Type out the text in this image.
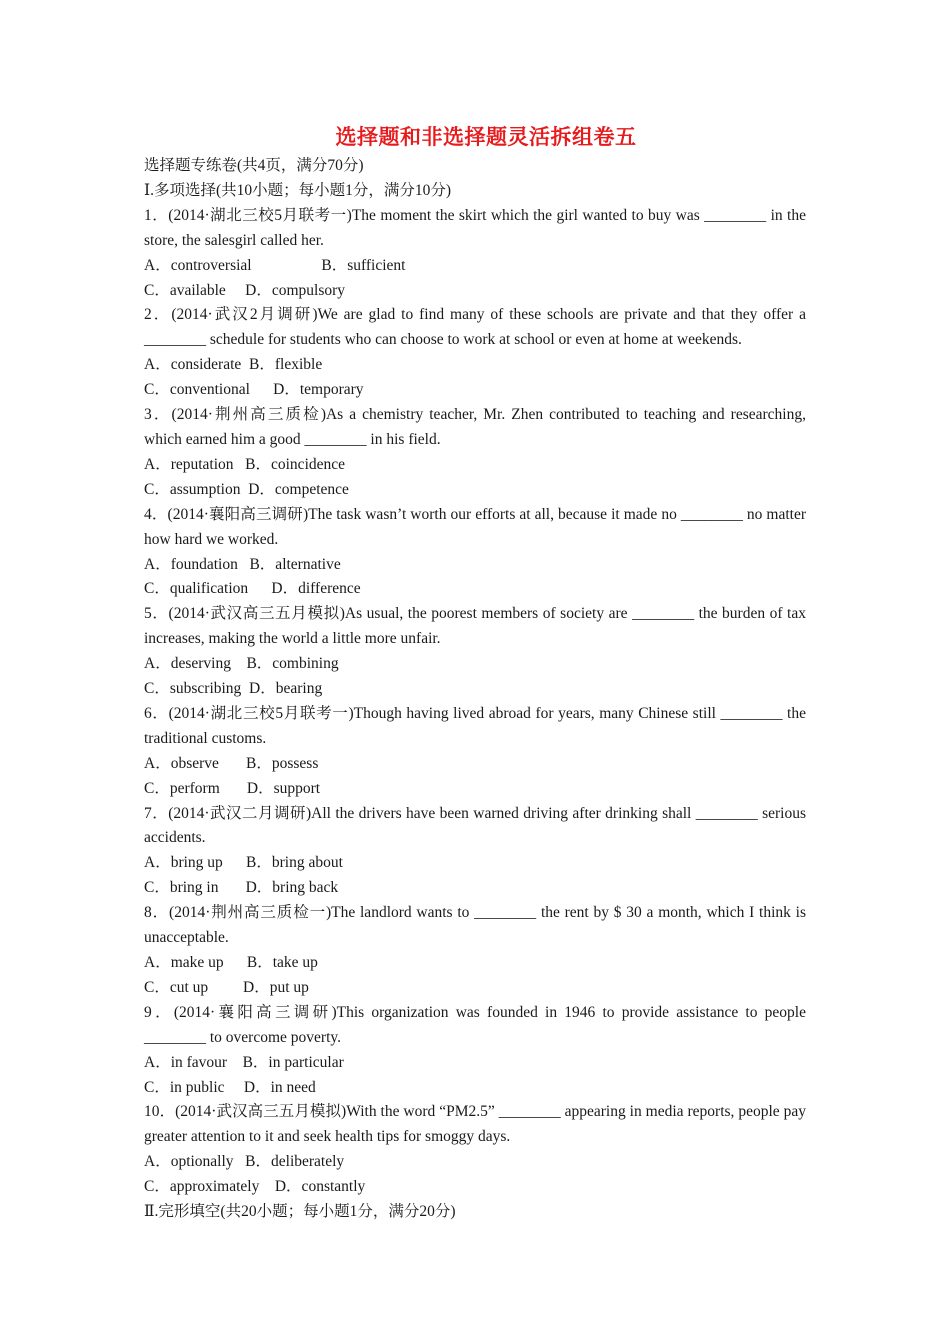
选择题和非选择题灵活拆组卷五
选择题专练卷(共4页，满分70分)
Ⅰ.多项选择(共10小题；每小题1分，满分10分)
1．(2014·湖北三校5月联考一)The moment the skirt which the girl wanted to buy was ________ in the store, the salesgirl called her.
A．controversial                  B．sufficient
C．available     D．compulsory
2．(2014·武汉2月调研)We are glad to find many of these schools are private and that they offer a ________ schedule for students who can choose to work at school or even at home at weekends.
A．considerate  B．flexible
C．conventional      D．temporary
3．(2014·荆州高三质检)As a chemistry teacher, Mr. Zhen contributed to teaching and researching, which earned him a good ________ in his field.
A．reputation   B．coincidence
C．assumption  D．competence
4．(2014·襄阳高三调研)The task wasn’t worth our efforts at all, because it made no ________ no matter how hard we worked.
A．foundation   B．alternative
C．qualification      D．difference
5．(2014·武汉高三五月模拟)As usual, the poorest members of society are ________ the burden of tax increases, making the world a little more unfair.
A．deserving    B．combining
C．subscribing  D．bearing
6．(2014·湖北三校5月联考一)Though having lived abroad for years, many Chinese still ________ the traditional customs.
A．observe       B．possess
C．perform       D．support
7．(2014·武汉二月调研)All the drivers have been warned driving after drinking shall ________ serious accidents.
A．bring up      B．bring about
C．bring in       D．bring back
8．(2014·荆州高三质检一)The landlord wants to ________ the rent by $ 30 a month, which I think is unacceptable.
A．make up      B．take up
C．cut up         D．put up
9．(2014·襄阳高三调研)This organization was founded in 1946 to provide assistance to people ________ to overcome poverty.
A．in favour    B．in particular
C．in public     D．in need
10．(2014·武汉高三五月模拟)With the word “PM2.5” ________ appearing in media reports, people pay greater attention to it and seek health tips for smoggy days.
A．optionally   B．deliberately
C．approximately    D．constantly
Ⅱ.完形填空(共20小题；每小题1分，满分20分)
